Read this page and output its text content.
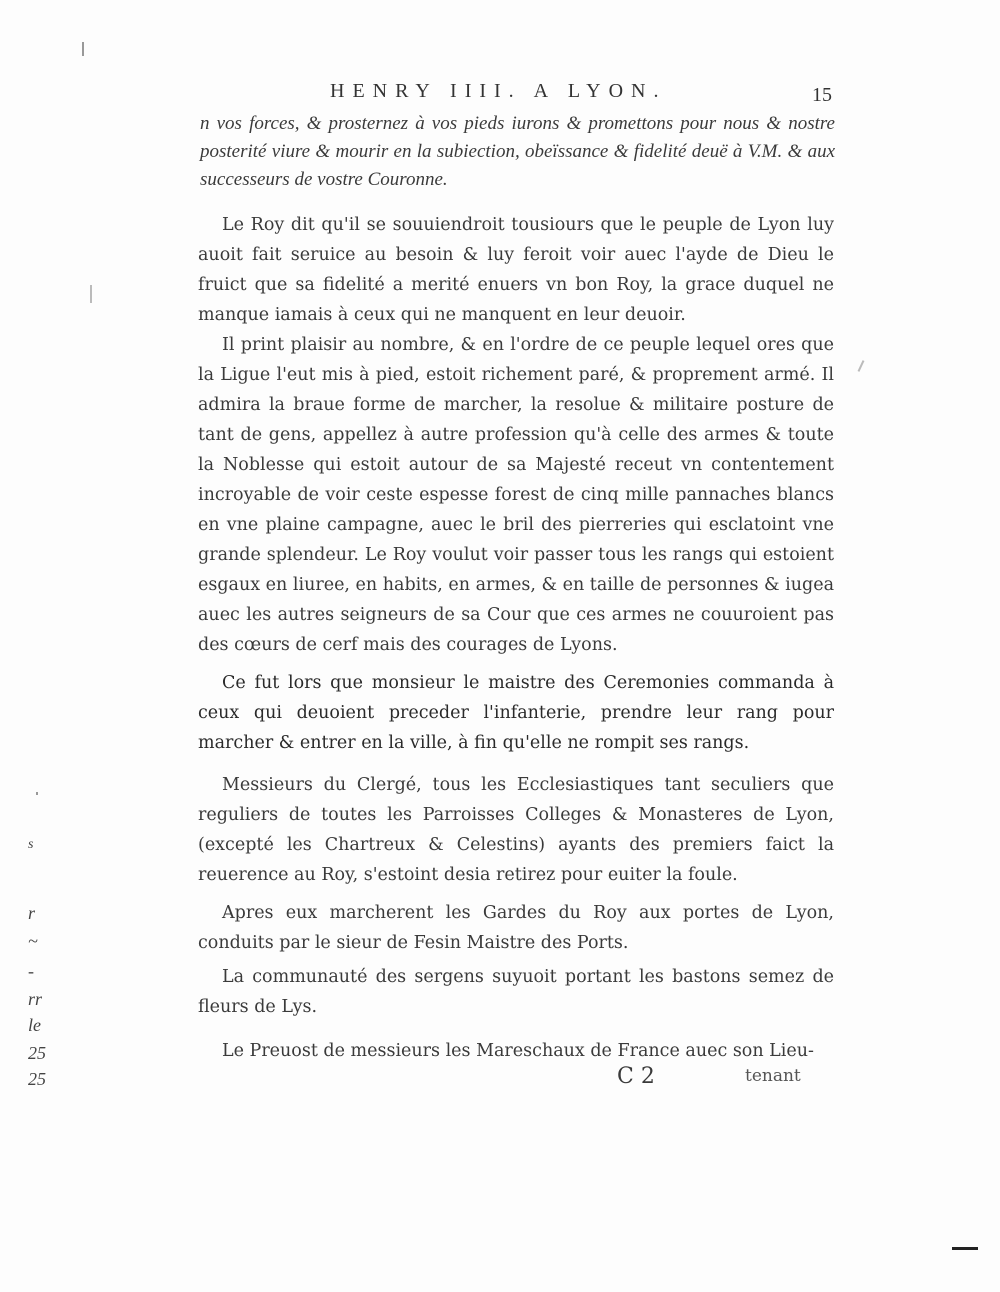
HENRY IIII. A LYON.	15
n vos forces, & prosternez à vos pieds iurons & promettons pour nous & nostre posterité viure & mourir en la subiection, obeïssance & fidelité deuë à V.M. & aux successeurs de vostre Couronne.
Le Roy dit qu'il se souuiendroit tousiours que le peuple de Lyon luy auoit fait seruice au besoin & luy feroit voir auec l'ayde de Dieu le fruict que sa fidelité a merité enuers vn bon Roy, la grace duquel ne manque iamais à ceux qui ne manquent en leur deuoir.
Il print plaisir au nombre, & en l'ordre de ce peuple lequel ores que la Ligue l'eut mis à pied, estoit richement paré, & proprement armé. Il admira la braue forme de marcher, la resolue & militaire posture de tant de gens, appellez à autre profession qu'à celle des armes & toute la Noblesse qui estoit autour de sa Majesté receut vn contentement incroyable de voir ceste espesse forest de cinq mille pannaches blancs en vne plaine campagne, auec le bril des pierreries qui esclatoint vne grande splendeur. Le Roy voulut voir passer tous les rangs qui estoient esgaux en liuree, en habits, en armes, & en taille de personnes & iugea auec les autres seigneurs de sa Cour que ces armes ne couuroient pas des cœurs de cerf mais des courages de Lyons.
Ce fut lors que monsieur le maistre des Ceremonies commanda à ceux qui deuoient preceder l'infanterie, prendre leur rang pour marcher & entrer en la ville, à fin qu'elle ne rompit ses rangs.
Messieurs du Clergé, tous les Ecclesiastiques tant seculiers que reguliers de toutes les Parroisses Colleges & Monasteres de Lyon, (excepté les Chartreux & Celestins) ayants des premiers faict la reuerence au Roy, s'estoint desia retirez pour euiter la foule.
Apres eux marcherent les Gardes du Roy aux portes de Lyon, conduits par le sieur de Fesin Maistre des Ports.
La communauté des sergens suyuoit portant les bastons semez de fleurs de Lys.
Le Preuost de messieurs les Mareschaux de France auec son Lieu-
C 2	tenant
s
r
~
-
rr
le
25
25
